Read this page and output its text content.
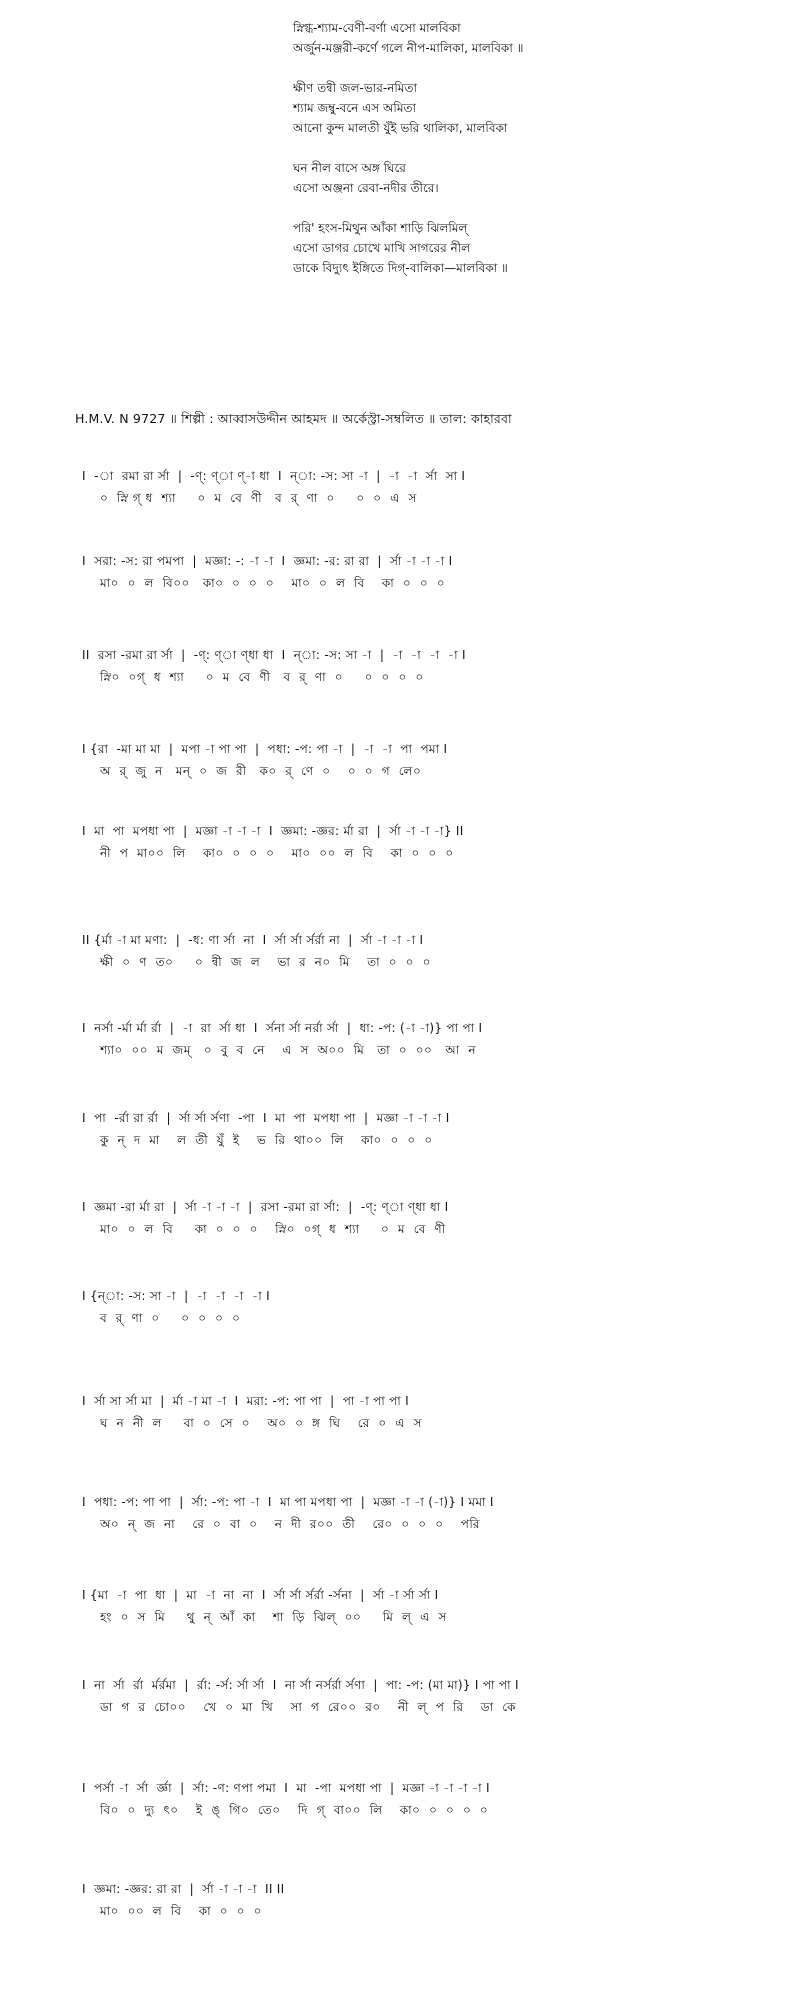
স্নিগ্ধ-শ্যাম-বেণী-বর্ণা এসো মালবিকা
অর্জুন-মঞ্জরী-কর্ণে গলে নীপ-মালিকা, মালবিকা ॥
ক্ষীণ তন্বী জল-ভার-নমিতা
শ্যাম জম্বু-বনে এস অমিতা
আনো কুন্দ মালতী যুঁই ভরি থালিকা, মালবিকা
ঘন নীল বাসে অঙ্গ ঘিরে
এসো অঞ্জনা রেবা-নদীর তীরে।
পরি' হংস-মিথুন আঁকা শাড়ি ঝিলমিল্‌
এসো ডাগর চোখে মাখি সাগরের নীল
ডাকে বিদ্যুৎ ইঙ্গিতে দিগ্‌-বালিকা—মালবিকা ॥
H.M.V. N 9727 ॥ শিল্পী : আব্বাসউদ্দীন আহমদ ॥ অর্কেস্ট্রা-সম্বলিত ॥ তাল: কাহারবা
I  -া  রমা রা র্সা  |  -ণ্: ণ্া ণ্-া ধা  I  ন্া: -স: সা -া  |  -া  -া  র্সা  সা I
০  স্নি গ্‌ ধ  শ্যা     ০  ম  বে  ণী   ব  র্  ণা  ০     ০  ০  এ  স
I  সরা: -স: রা পমপা  |  মজ্ঞা: -: -া -া  I  জ্ঞমা: -র: রা রা  |  র্সা -া -া -া I
মা০  ০  ল  বি০০   কা০  ০  ০  ০    মা০  ০  ল  বি    কা  ০  ০  ০
II  রসা -রমা রা র্সা  |  -ণ্: ণ্া ণ্ধা ধা  I  ন্া: -স: সা -া  |  -া  -া  -া  -া I
স্নি০  ০গ্‌  ধ  শ্যা     ০  ম  বে  ণী   ব  র্  ণা  ০     ০  ০  ০  ০
I {রা  -মা মা মা  |  মপা -া পা পা  |  পধা: -প: পা -া  |  -া  -া  পা  পমা I
অ  র্  জু  ন   মন্‌  ০  জ  রী   ক০  র্  ণে  ০    ০  ০  গ  লে০
I  মা  পা  মপধা পা  |  মজ্ঞা -া -া -া  I  জ্ঞমা: -জ্ঞর: র্মা রা  |  র্সা -া -া -া} II
নী  প  মা০০  লি    কা০  ০  ০  ০    মা০  ০০  ল  বি    কা  ০  ০  ০
II {র্মা -া মা মণা:  |  -ধ: ণা র্সা  না  I  র্সা র্সা র্সর্রা না  |  র্সা -া -া -া I
ক্ষী  ০  ণ  ত০     ০  ন্বী  জ  ল    ভা  র  ন০  মি    তা  ০  ০  ০
I  নর্সা -র্মা র্মা র্রা  |  -া  রা  র্সা ধা  I  র্সনা র্সা নর্রা র্সা  |  ধা: -প: (-া -া)} পা পা I
শ্যা০  ০০  ম  জম্‌   ০  বু  ব  নে    এ  স  অ০০  মি   তা  ০  ০০   আ  ন
I  পা  -র্রা রা র্রা  |  র্সা র্সা র্সণা  -পা  I  মা  পা  মপধা পা  |  মজ্ঞা -া -া -া I
কু  ন্‌  দ  মা    ল  তী  যুঁ  ই    ভ  রি  থা০০  লি    কা০  ০  ০  ০
I  জ্ঞমা -রা র্মা রা  |  র্সা -া -া -া  |  রসা -রমা রা র্সা:  |  -ণ্: ণ্া ণ্ধা ধা I
মা০  ০  ল  বি     কা  ০  ০  ০    স্নি০  ০গ্‌  ধ  শ্যা     ০  ম  বে  ণী
I {ন্া: -স: সা -া  |  -া  -া  -া  -া I
ব  র্  ণা  ০     ০  ০  ০  ০
I  র্সা সা র্সা মা  |  র্মা -া মা -া  I  মরা: -প: পা পা  |  পা -া পা পা I
ঘ  ন  নী  ল     বা  ০  সে  ০    অ০  ০  ঙ্গ  ঘি    রে  ০  এ  স
I  পধা: -প: পা পা  |  র্সা: -প: পা -া  I  মা পা মপধা পা  |  মজ্ঞা -া -া (-া)} I মমা I
অ০  ন্‌  জ  না    রে  ০  বা  ০    ন  দী  র০০  তী    রে০  ০  ০  ০    পরি
I {মা  -া  পা  ধা  |  মা  -া  না  না  I  র্সা র্সা র্সর্রা -র্সনা  |  র্সা -া র্সা র্সা I
হং  ০  স  মি     থু  ন্‌  আঁ  কা    শা  ড়ি  ঝিল্‌  ০০     মি  ল্‌  এ  স
I  না  র্সা  র্রা  র্মর্রমা  |  র্রা: -র্স: র্সা র্সা  I  না র্সা নর্সর্রা র্সণা  |  পা: -প: (মা মা)} I পা পা I
ডা  গ  র  চো০০    খে  ০  মা  খি    সা  গ  রে০০  র০    নী  ল্‌  প  রি    ডা  কে
I  পর্সা -া  র্সা  র্জ্ঞা  |  র্সা: -ণ: ণপা পমা  I  মা  -পা  মপধা পা  |  মজ্ঞা -া -া -া -া I
বি০  ০  দ্যু  ৎ০    ই  ঙ্‌  গি০  তে০    দি  গ্‌  বা০০  লি    কা০  ০  ০  ০  ০
I  জ্ঞমা: -জ্ঞর: রা রা  |  র্সা -া -া -া  II II
মা০  ০০  ল  বি    কা  ০  ০  ০
